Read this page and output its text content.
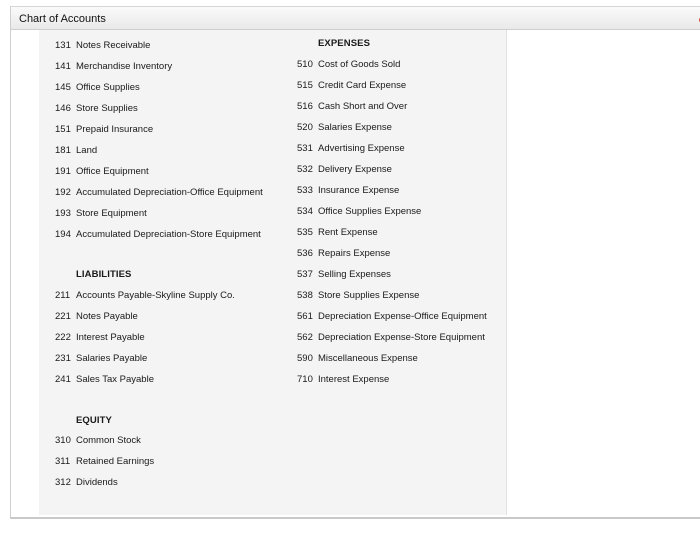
Chart of Accounts
131 Notes Receivable
141 Merchandise Inventory
145 Office Supplies
146 Store Supplies
151 Prepaid Insurance
181 Land
191 Office Equipment
192 Accumulated Depreciation-Office Equipment
193 Store Equipment
194 Accumulated Depreciation-Store Equipment
LIABILITIES
211 Accounts Payable-Skyline Supply Co.
221 Notes Payable
222 Interest Payable
231 Salaries Payable
241 Sales Tax Payable
EQUITY
310 Common Stock
311 Retained Earnings
312 Dividends
EXPENSES
510 Cost of Goods Sold
515 Credit Card Expense
516 Cash Short and Over
520 Salaries Expense
531 Advertising Expense
532 Delivery Expense
533 Insurance Expense
534 Office Supplies Expense
535 Rent Expense
536 Repairs Expense
537 Selling Expenses
538 Store Supplies Expense
561 Depreciation Expense-Office Equipment
562 Depreciation Expense-Store Equipment
590 Miscellaneous Expense
710 Interest Expense
